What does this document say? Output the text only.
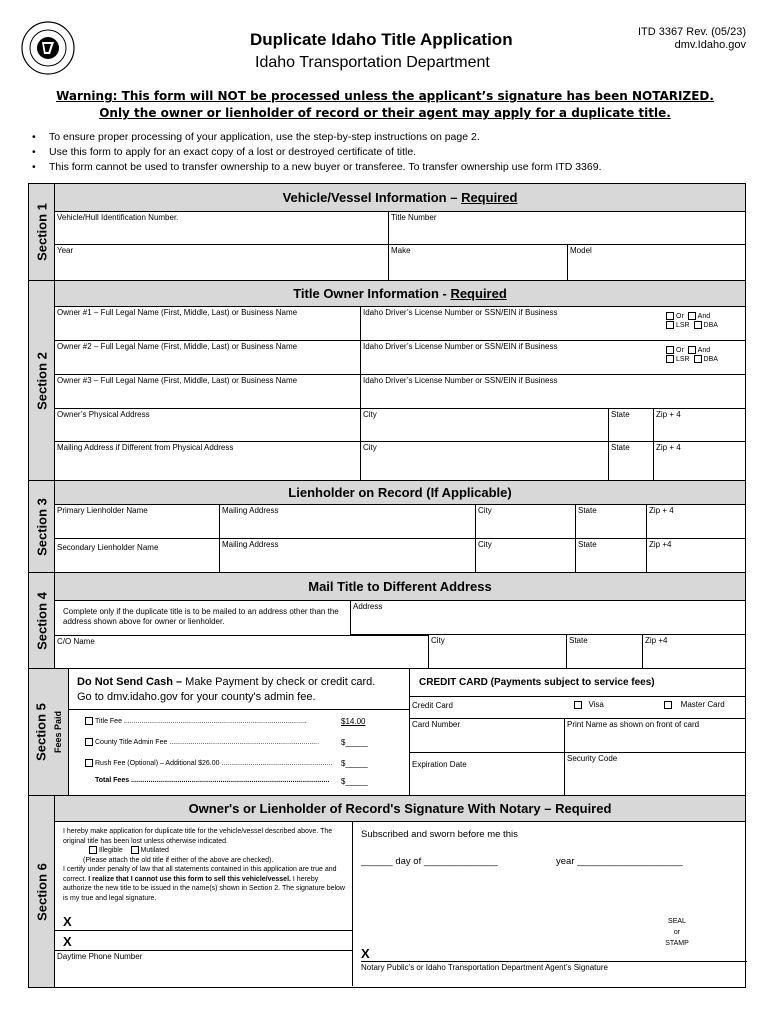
Duplicate Idaho Title Application
Idaho Transportation Department
ITD 3367 Rev. (05/23)
dmv.Idaho.gov
Warning: This form will NOT be processed unless the applicant’s signature has been NOTARIZED.
Only the owner or lienholder of record or their agent may apply for a duplicate title.
• To ensure proper processing of your application, use the step-by-step instructions on page 2.
• Use this form to apply for an exact copy of a lost or destroyed certificate of title.
• This form cannot be used to transfer ownership to a new buyer or transferee. To transfer ownership use form ITD 3369.
Section 1
Vehicle/Vessel Information – Required
Vehicle/Hull Identification Number.	Title Number
Year	Make	Model
Section 2
Title Owner Information - Required
Owner #1 – Full Legal Name (First, Middle, Last) or Business Name	Idaho Driver’s License Number or SSN/EIN if Business	Or And
LSR DBA
Owner #2 – Full Legal Name (First, Middle, Last) or Business Name	Idaho Driver’s License Number or SSN/EIN if Business	Or And
LSR DBA
Owner #3 – Full Legal Name (First, Middle, Last) or Business Name	Idaho Driver’s License Number or SSN/EIN if Business
Owner’s Physical Address	City	State	Zip + 4
Mailing Address if Different from Physical Address	City	State	Zip + 4
Section 3
Lienholder on Record (If Applicable)
Primary Lienholder Name	Mailing Address	City	State	Zip + 4
Secondary Lienholder Name	Mailing Address	City	State	Zip +4
Section 4
Mail Title to Different Address
Complete only if the duplicate title is to be mailed to an address other than the address shown above for owner or lienholder.
Address
C/O Name	City	State	Zip +4
Section 5 Fees Paid
Do Not Send Cash – Make Payment by check or credit card.
Go to dmv.idaho.gov for your county's admin fee.
Title Fee ..............................................................................................	$14.00
County Title Admin Fee .............................................................................	$_____
Rush Fee (Optional) – Additional $26.00 ......................................................... $_____
Total Fees ...................................................................................................... $_____
CREDIT CARD (Payments subject to service fees)
Credit Card	Visa	Master Card
Card Number	Print Name as shown on front of card
Expiration Date
Security Code
Section 6
Owner's or Lienholder of Record's Signature With Notary – Required
I hereby make application for duplicate title for the vehicle/vessel described above. The original title has been lost unless otherwise indicated.
Illegible	Mutilated
(Please attach the old title if either of the above are checked).
I certify under penalty of law that all statements contained in this application are true and correct. I realize that I cannot use this form to sell this vehicle/vessel. I hereby authorize the new title to be issued in the name(s) shown in Section 2. The signature below is my true and legal signature.
X
X
Daytime Phone Number
Subscribed and sworn before me this
______ day of ______________	year ____________________
SEAL
or
STAMP
X
Notary Public’s or Idaho Transportation Department Agent’s Signature
